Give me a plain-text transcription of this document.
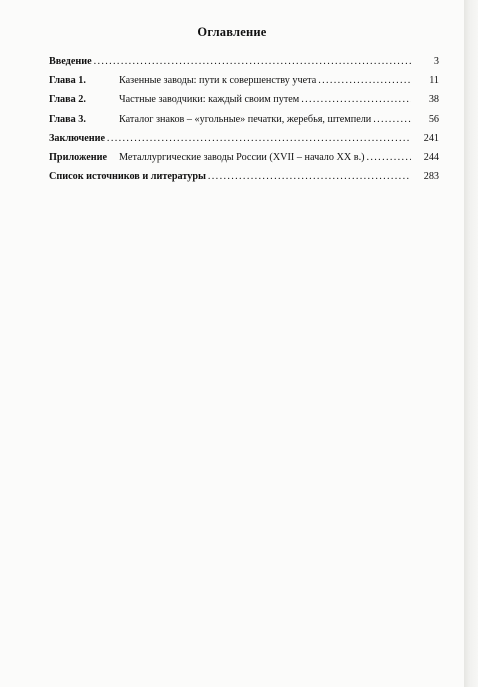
Оглавление
Введение . . .	3
Глава 1.	Казенные заводы: пути к совершенству учета . . .	11
Глава 2.	Частные заводчики: каждый своим путем . . .	38
Глава 3.	Каталог знаков – «угольные» печатки, жеребья, штемпели . . .	56
Заключение . . .	241
Приложение Металлургические заводы России (XVII – начало XX в.) . . .	244
Список источников и литературы . . .	283
